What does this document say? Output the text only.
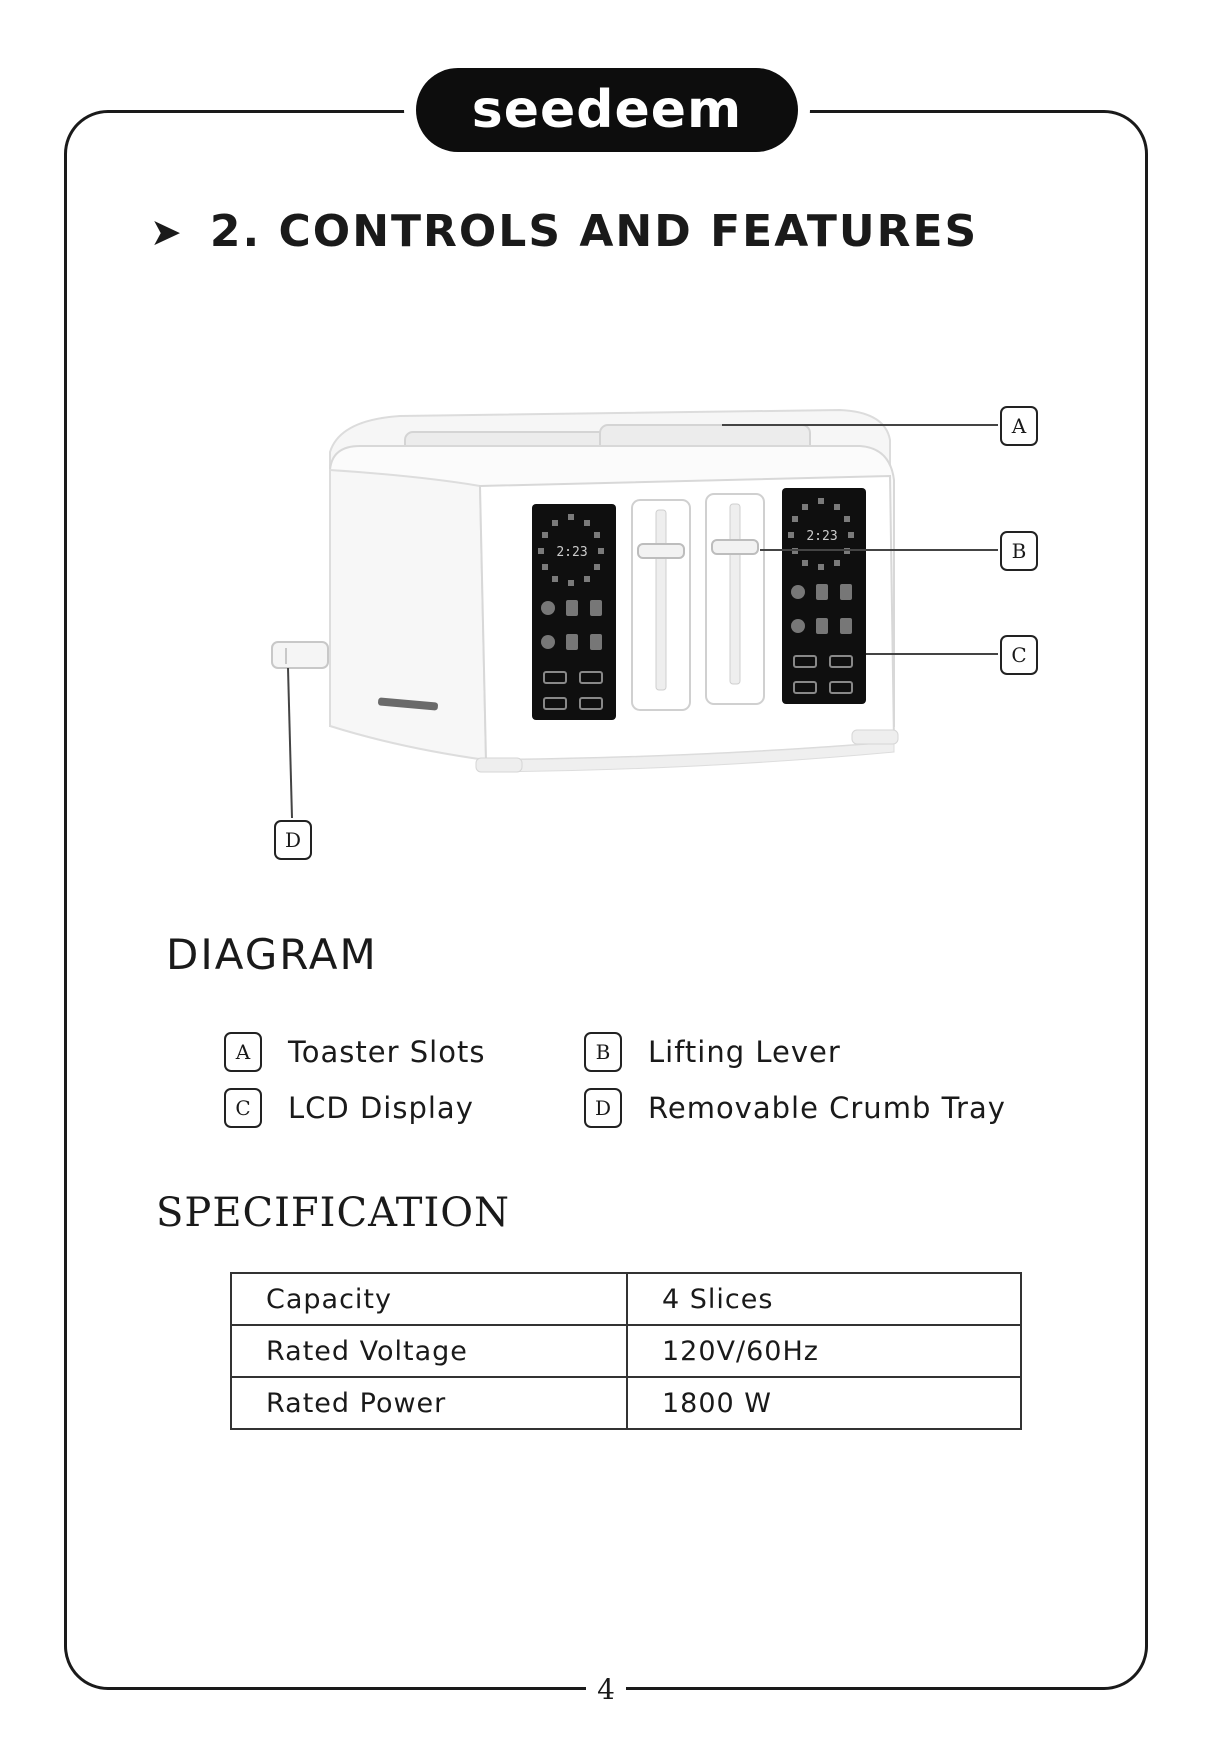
seedeem
➤ 2. CONTROLS AND FEATURES
2:23
2:23
A
B
C
D
DIAGRAM
A	Toaster Slots	B	Lifting Lever
C	LCD Display	D	Removable Crumb Tray
SPECIFICATION
Capacity	4 Slices
Rated Voltage	120V/60Hz
Rated Power	1800 W
4
